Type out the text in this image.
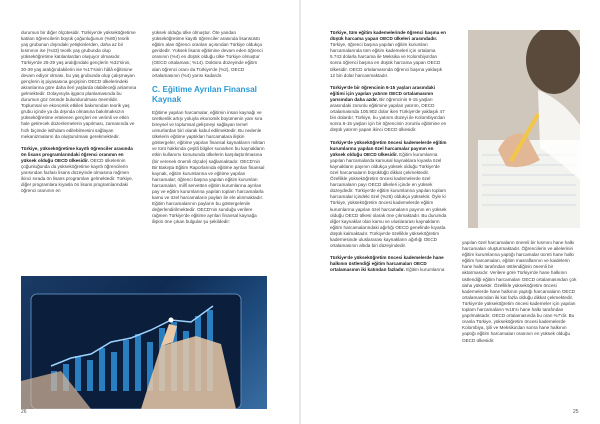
durumun bir diğer ölçütesidir. Türkiye'de yükseköğretime katılan öğrencilerin büyük çoğunluğunun (%80) teorik yaş grubunun dışındaki yetişkinlerden, daha az bir kısmının ise (%33) teorik yaş grubunda olup yükseköğretime katılanlardan oluşuyor olmasıdır. Türkiye'de 25-29 yaş aralığındaki gençlerin %32'sinin, 30-39 yaş aralığındakilerin ise %17'sinin hâlâ eğitimine devam ediyor olması, bu yaş grubunda olup çalışmayan gençlerin iş piyasasına geçişinin OECD ülkelerindeki akranlarına göre daha ileri yaşlarda olabileceği anlamına gelmektedir. Dolayısıyla işgücü planlamasında bu durumun göz önünde bulundurulması önemlidir. Toplumsal ve ekonomik etkileri bakımından teorik yaş grubu içinde ya da dışında olmasına bakılmaksızın yükseköğretime ertelenen gençleri en verimli ve etkin hale getirecek düzenlemelerin yapılması, zamanında ve hızlı biçimde istihdam edilebilmesini sağlayan mekanizmaların da oluşturulması gerekmektedir.

Türkiye, yükseköğretime kayıtlı öğrenciler arasında ön lisans programlarındaki öğrenci oranının en yüksek olduğu OECD ülkesidir. OECD ülkelerinin çoğunluğunda da yükseköğretime kayıtlı öğrencilerin yarısından fazlası lisans düzeyinde olmasına rağmen ikinci sırada ön lisans programları gelmektedir. Türkiye, diğer programlara kıyasla ön lisans programlarındaki öğrenci oranının en

yüksek olduğu ülke olmuştur. Öte yandan yükseköğretime kayıtlı öğrenciler arasında lisansüstü eğitim alan öğrenci oranları açısından Türkiye oldukça geridedir. Yüksek lisans eğitimine devam eden öğrenci oranının (%4) en düşük olduğu ülke Türkiye olmuştur (OECD ortalaması; %14). Doktora düzeyinde eğitim alan öğrenci oranı da Türkiye'de (%2), OECD ortalamasının (%4) yarısı kadardır.

C. Eğitime Ayrılan Finansal Kaynak

Eğitime yapılan harcamalar, eğitimin insan kaynağı ve üretkenlik artışı yoluyla ekonomik büyümenin yanı sıra bireysel ve toplumsal gelişmeyi sağlayan temel unsurlardan biri olarak kabul edilmektedir. Bu nedenle ülkelerin eğitime yaptıkları harcamalara ilişkin göstergeler, eğitime yapılan finansal kaynakların miktarı ve türü hakkında çeşitli bilgiler sunarken bu kaynakların etkin kullanımı konusunda ülkelerin karşılaştırılmasına (bir verenek önemli ölçüde) sağlamaktadır. OECD'nin Bir Bakışta Eğitim Raporlarında eğitime ayrılan finansal kaynak, eğitim kurumlarına ve eğitime yapılan harcamalar; öğrenci başına yapılan eğitim kurumları harcamaları, millî servetten eğitim kurumlarına ayrılan pay ve eğitim kurumlarına yapılan toplam harcamalarla kamu ve özel harcamaların payları ile ele alınmaktadır. Eğitim harcamalarının payların bu göstergelerde değerlendirilmektedir. OECD'nin sunduğu verilere rağmen Türkiye'de eğitime ayrılan finansal kaynağa ilişkin öne çıkan bulgular şu şekildedir:

Türkiye, tüm eğitim kademelerinde öğrenci başına en düşük harcama yapan OECD ülkeleri arasındadır. Türkiye, öğrenci başına yapılan eğitim kurumları harcamalarında tüm eğitim kademeleri için ortalama 5.743 dolarla harcama ile Meksika ve Kolombiya'dan sonra öğrenci başına en düşük harcama yapan OECD ülkesidir. OECD ortalamasında öğrenci başına yaklaşık 12 bin dolar harcanmaktadır.

Türkiye'de bir öğrencinin 6-15 yaşları arasındaki eğitimi için yapılan yatırım OECD ortalamasının yarısından daha azdır. Bir öğrencinin 6-15 yaşları arasındaki zorunlu eğitimine yapılan yatırım, OECD ortalamasında 105.902 dolar iken Türkiye'de yaklaşık 47 bin dolardır. Türkiye, bu yatırım düzeyi ile Kolombiya'dan sonra 6-15 yaşları için bir öğrencinin zorunlu eğitimine en düşük yatırım yapan ikinci OECD ülkesidir.

Türkiye'de yükseköğretim öncesi kademelerde eğitim kurumlarına yapılan özel harcamalar payının en yüksek olduğu OECD ülkesidir. Eğitim kurumlarına yapılan harcamalarda kamusal kaynaklara kıyasla özel kaynakların payının oldukça yüksek olduğu Türkiye'de özel harcamaların büyüklüğü dikkat çekmektedir. Özellikle yükseköğretim öncesi kademelerde özel harcamaların payı OECD ülkeleri içinde en yüksek düzeydedir. Türkiye'de eğitim kurumlarına yapılan toplam harcamalar içindeki özel (%26) oldukça yüksektir. Öyle ki Türkiye, yükseköğretim öncesi kademelerde eğitim kurumlarına yapılan özel harcamaların payının en yüksek olduğu OECD ülkesi olarak öne çıkmaktadır. Bu durumda diğer kaynaklar olan kamu ve uluslararası kaynakların eğitim harcamalarındaki ağırlığı OECD genelinde kıyasla düşük kalmaktadır. Türkiye'de özellikle yükseköğretim kademesinde uluslararası kaynakların ağırlığı OECD ortalamasının altıda biri düzeyindedir.

Türkiye'de yükseköğretim öncesi kademelerde hane halkının üstlendiği eğitim harcamaları OECD ortalamasının iki katından fazladır. Eğitim kurumlarına

yapılan özel harcamaların önemli bir kısmını hane halkı harcamaları oluşturmaktadır. Öğrencilerin ve ailelerinin eğitim kurumlarına yaptığı harcamalar ücreti hane halkı eğitim harcamaları, eğitim masraflarının ve kaidelerin hane halkı tarafından üstlendiğinin önemli bir aktarmasıdır. Verilere göre Türkiye'de hane halkının üstlendiği eğitim harcamaları OECD ortalamasından çok daha yüksektir. Özellikle yükseköğretim öncesi kademelerde hane halkının yaptığı harcamaların OECD ortalamasından iki kat fazla olduğu dikkat çekmektedir. Türkiye'de yükseköğretim öncesi kademeler için yapılan toplam harcamaların %16'sı hane halkı tarafından yapılmaktadır. OECD ortalamasında bu oran %7'dir. Bu oranla Türkiye, yükseköğretim öncesi kademelerde Kolombiya, Şili ve Meksika'dan sonra hane halkının yaptığı eğitim harcamaları oranının en yüksek olduğu OECD ülkesidir.

26	25
